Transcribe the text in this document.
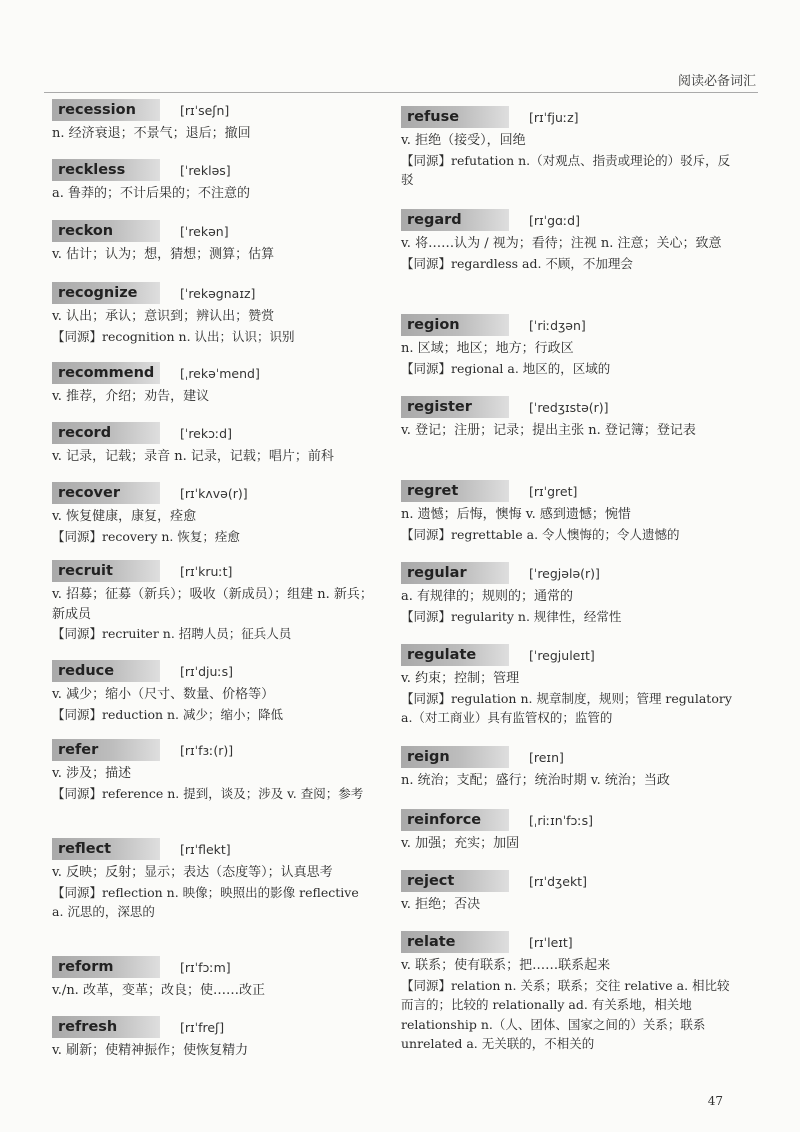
阅读必备词汇
recession	[rɪˈseʃn]
n. 经济衰退；不景气；退后；撤回
reckless	[ˈrekləs]
a. 鲁莽的；不计后果的；不注意的
reckon	[ˈrekən]
v. 估计；认为；想，猜想；测算；估算
recognize	[ˈrekəgnaɪz]
v. 认出；承认；意识到；辨认出；赞赏
【同源】recognition n. 认出；认识；识别
recommend	[ˌrekəˈmend]
v. 推荐，介绍；劝告，建议
record	[ˈrekɔːd]
v. 记录，记载；录音 n. 记录，记载；唱片；前科
recover	[rɪˈkʌvə(r)]
v. 恢复健康，康复，痊愈
【同源】recovery n. 恢复；痊愈
recruit	[rɪˈkruːt]
v. 招募；征募（新兵）；吸收（新成员）；组建 n. 新兵；新成员
【同源】recruiter n. 招聘人员；征兵人员
reduce	[rɪˈdjuːs]
v. 减少；缩小（尺寸、数量、价格等）
【同源】reduction n. 减少；缩小；降低
refer	[rɪˈfɜː(r)]
v. 涉及；描述
【同源】reference n. 提到，谈及；涉及 v. 查阅；参考
reflect	[rɪˈflekt]
v. 反映；反射；显示；表达（态度等）；认真思考
【同源】reflection n. 映像；映照出的影像 reflective a. 沉思的，深思的
reform	[rɪˈfɔːm]
v./n. 改革，变革；改良；使……改正
refresh	[rɪˈfreʃ]
v. 刷新；使精神振作；使恢复精力
refuse	[rɪˈfjuːz]
v. 拒绝（接受），回绝
【同源】refutation n.（对观点、指责或理论的）驳斥，反驳
regard	[rɪˈgɑːd]
v. 将……认为 / 视为；看待；注视 n. 注意；关心；致意
【同源】regardless ad. 不顾，不加理会
region	[ˈriːdʒən]
n. 区域；地区；地方；行政区
【同源】regional a. 地区的，区域的
register	[ˈredʒɪstə(r)]
v. 登记；注册；记录；提出主张 n. 登记簿；登记表
regret	[rɪˈgret]
n. 遗憾；后悔，懊悔 v. 感到遗憾；惋惜
【同源】regrettable a. 令人懊悔的；令人遗憾的
regular	[ˈregjələ(r)]
a. 有规律的；规则的；通常的
【同源】regularity n. 规律性，经常性
regulate	[ˈregjuleɪt]
v. 约束；控制；管理
【同源】regulation n. 规章制度，规则；管理 regulatory a.（对工商业）具有监管权的；监管的
reign	[reɪn]
n. 统治；支配；盛行；统治时期 v. 统治；当政
reinforce	[ˌriːɪnˈfɔːs]
v. 加强；充实；加固
reject	[rɪˈdʒekt]
v. 拒绝；否决
relate	[rɪˈleɪt]
v. 联系；使有联系；把……联系起来
【同源】relation n. 关系；联系；交往 relative a. 相比较而言的；比较的 relationally ad. 有关系地，相关地 relationship n.（人、团体、国家之间的）关系；联系 unrelated a. 无关联的，不相关的
47
